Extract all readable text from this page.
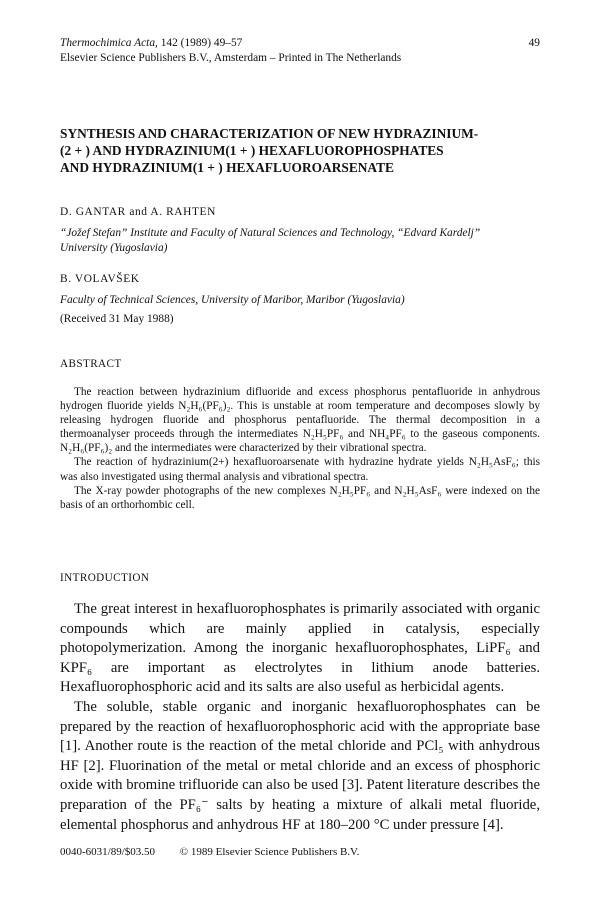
Thermochimica Acta, 142 (1989) 49–57
Elsevier Science Publishers B.V., Amsterdam – Printed in The Netherlands
49
SYNTHESIS AND CHARACTERIZATION OF NEW HYDRAZINIUM-
(2 + ) AND HYDRAZINIUM(1 + ) HEXAFLUOROPHOSPHATES
AND HYDRAZINIUM(1 + ) HEXAFLUOROARSENATE
D. GANTAR and A. RAHTEN
“Jožef Stefan” Institute and Faculty of Natural Sciences and Technology, “Edvard Kardelj”
University (Yugoslavia)
B. VOLAVŠEK
Faculty of Technical Sciences, University of Maribor, Maribor (Yugoslavia)
(Received 31 May 1988)
ABSTRACT

The reaction between hydrazinium difluoride and excess phosphorus pentafluoride in anhydrous hydrogen fluoride yields N₂H₆(PF₆)₂. This is unstable at room temperature and decomposes slowly by releasing hydrogen fluoride and phosphorus pentafluoride. The thermal decomposition in a thermoanalyser proceeds through the intermediates N₂H₅PF₆ and NH₄PF₆ to the gaseous components. N₂H₆(PF₆)₂ and the intermediates were characterized by their vibrational spectra.

The reaction of hydrazinium(2+) hexafluoroarsenate with hydrazine hydrate yields N₂H₅AsF₆; this was also investigated using thermal analysis and vibrational spectra.

The X-ray powder photographs of the new complexes N₂H₅PF₆ and N₂H₅AsF₆ were indexed on the basis of an orthorhombic cell.

INTRODUCTION

The great interest in hexafluorophosphates is primarily associated with organic compounds which are mainly applied in catalysis, especially photopolymerization. Among the inorganic hexafluorophosphates, LiPF₆ and KPF₆ are important as electrolytes in lithium anode batteries. Hexafluorophosphoric acid and its salts are also useful as herbicidal agents.

The soluble, stable organic and inorganic hexafluorophosphates can be prepared by the reaction of hexafluorophosphoric acid with the appropriate base [1]. Another route is the reaction of the metal chloride and PCl₅ with anhydrous HF [2]. Fluorination of the metal or metal chloride and an excess of phosphoric oxide with bromine trifluoride can also be used [3]. Patent literature describes the preparation of the PF₆⁻ salts by heating a mixture of alkali metal fluoride, elemental phosphorus and anhydrous HF at 180–200 °C under pressure [4].

0040-6031/89/$03.50 © 1989 Elsevier Science Publishers B.V.
